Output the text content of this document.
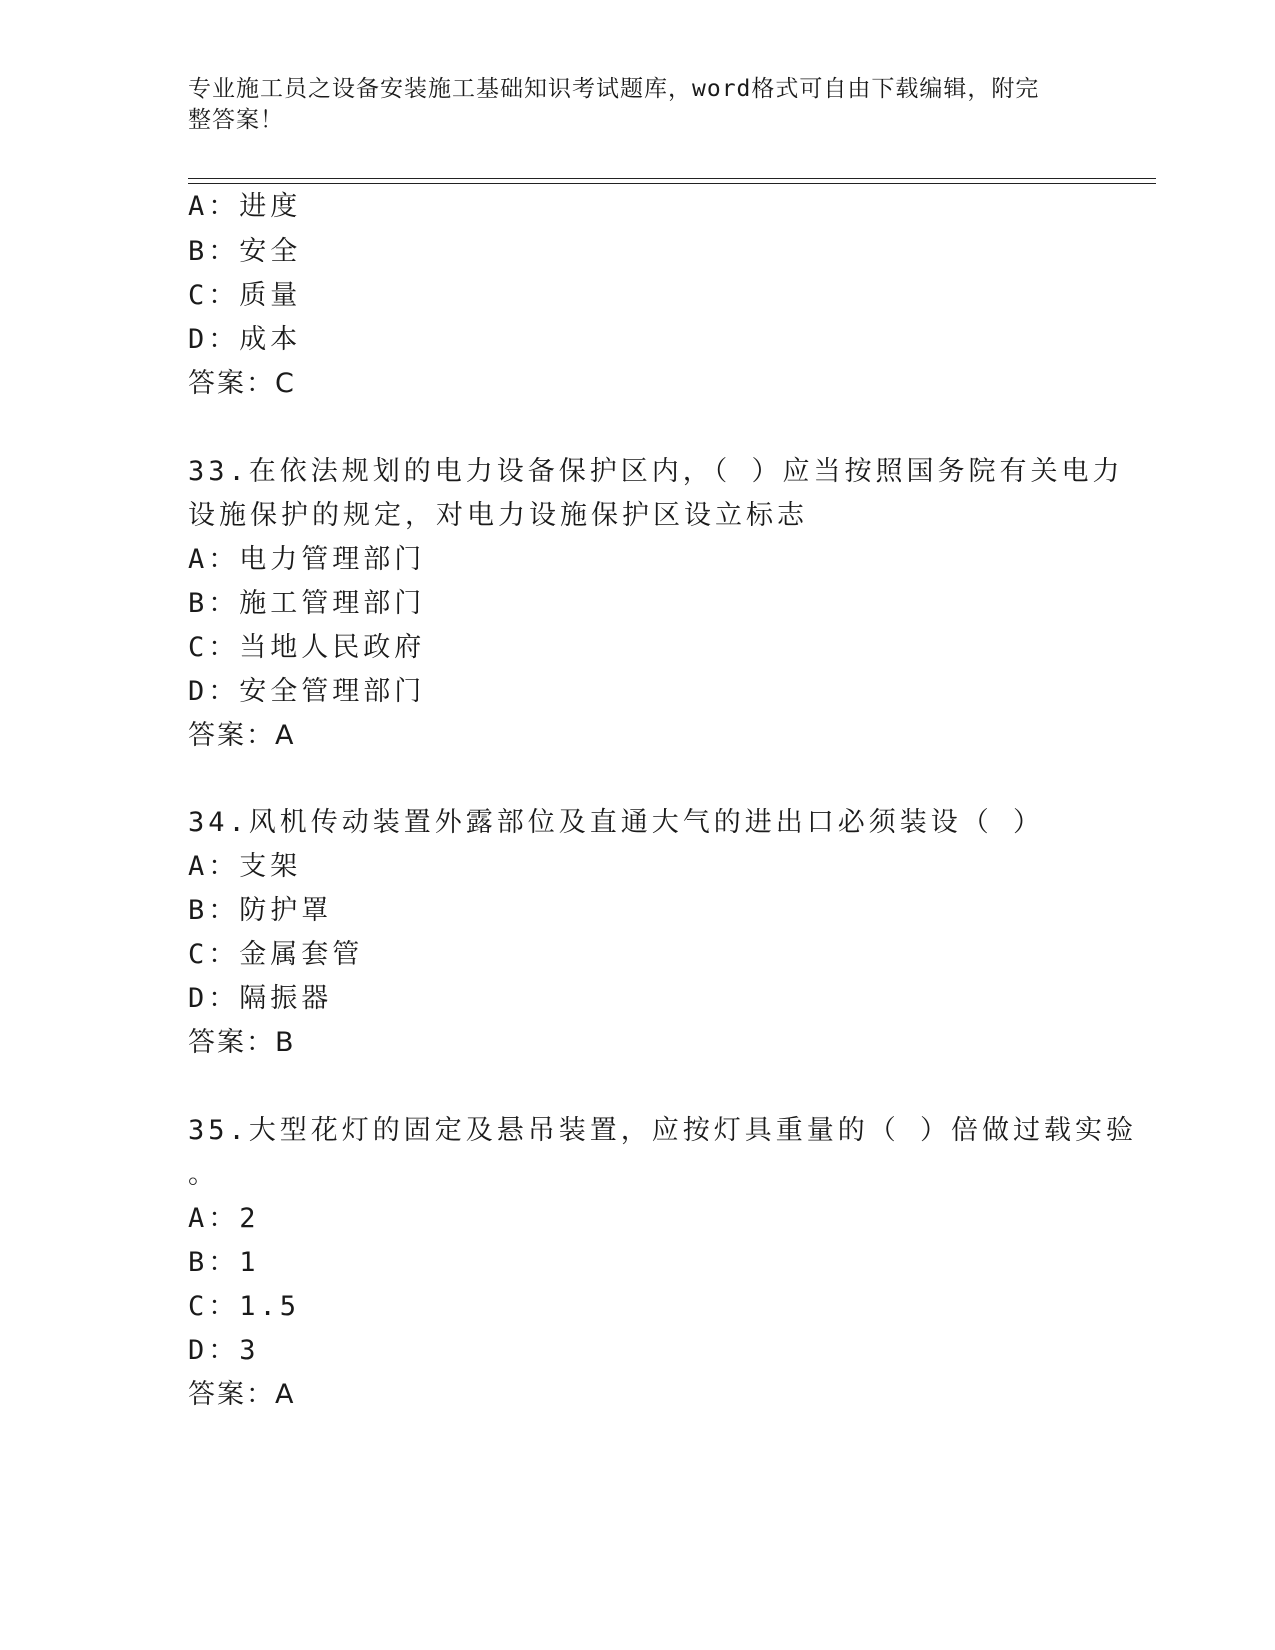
专业施工员之设备安装施工基础知识考试题库，word格式可自由下载编辑，附完
整答案！
A：进度
B：安全
C：质量
D：成本
答案：C
33.在依法规划的电力设备保护区内，（ ）应当按照国务院有关电力
设施保护的规定，对电力设施保护区设立标志
A：电力管理部门
B：施工管理部门
C：当地人民政府
D：安全管理部门
答案：A
34.风机传动装置外露部位及直通大气的进出口必须装设（ ）
A：支架
B：防护罩
C：金属套管
D：隔振器
答案：B
35.大型花灯的固定及悬吊装置，应按灯具重量的（ ）倍做过载实验
。
A：2
B：1
C：1.5
D：3
答案：A
